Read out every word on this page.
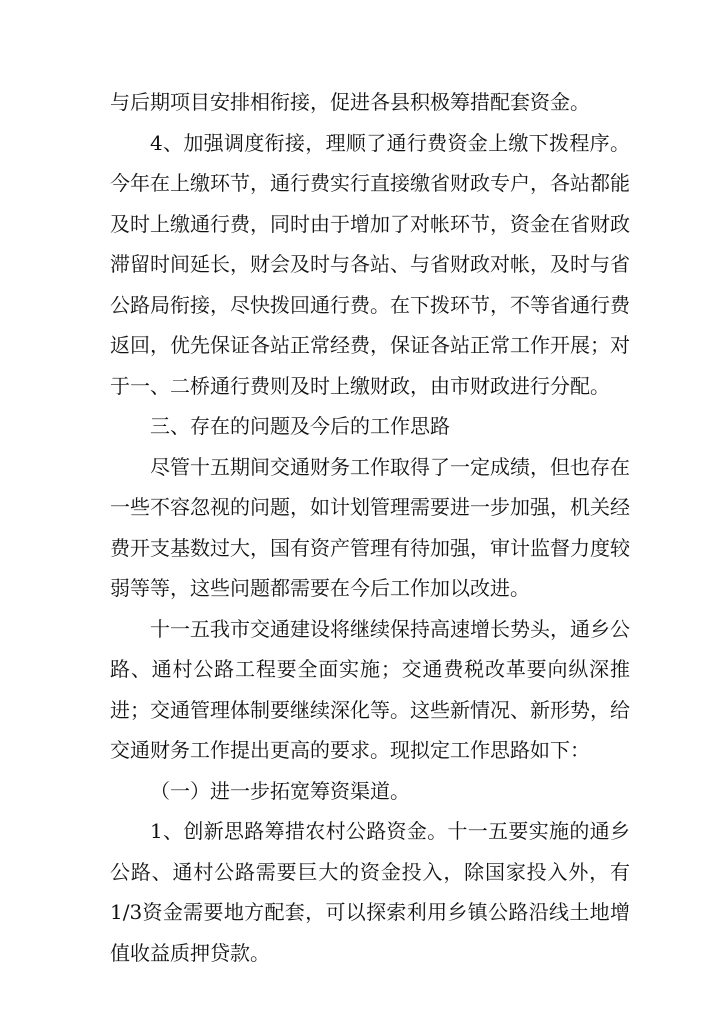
与后期项目安排相衔接，促进各县积极筹措配套资金。

4、加强调度衔接，理顺了通行费资金上缴下拨程序。今年在上缴环节，通行费实行直接缴省财政专户，各站都能及时上缴通行费，同时由于增加了对帐环节，资金在省财政滞留时间延长，财会及时与各站、与省财政对帐，及时与省公路局衔接，尽快拨回通行费。在下拨环节，不等省通行费返回，优先保证各站正常经费，保证各站正常工作开展；对于一、二桥通行费则及时上缴财政，由市财政进行分配。

三、存在的问题及今后的工作思路

尽管十五期间交通财务工作取得了一定成绩，但也存在一些不容忽视的问题，如计划管理需要进一步加强，机关经费开支基数过大，国有资产管理有待加强，审计监督力度较弱等等，这些问题都需要在今后工作加以改进。

十一五我市交通建设将继续保持高速增长势头，通乡公路、通村公路工程要全面实施；交通费税改革要向纵深推进；交通管理体制要继续深化等。这些新情况、新形势，给交通财务工作提出更高的要求。现拟定工作思路如下：

（一）进一步拓宽筹资渠道。

1、创新思路筹措农村公路资金。十一五要实施的通乡公路、通村公路需要巨大的资金投入，除国家投入外，有1/3资金需要地方配套，可以探索利用乡镇公路沿线土地增值收益质押贷款。
